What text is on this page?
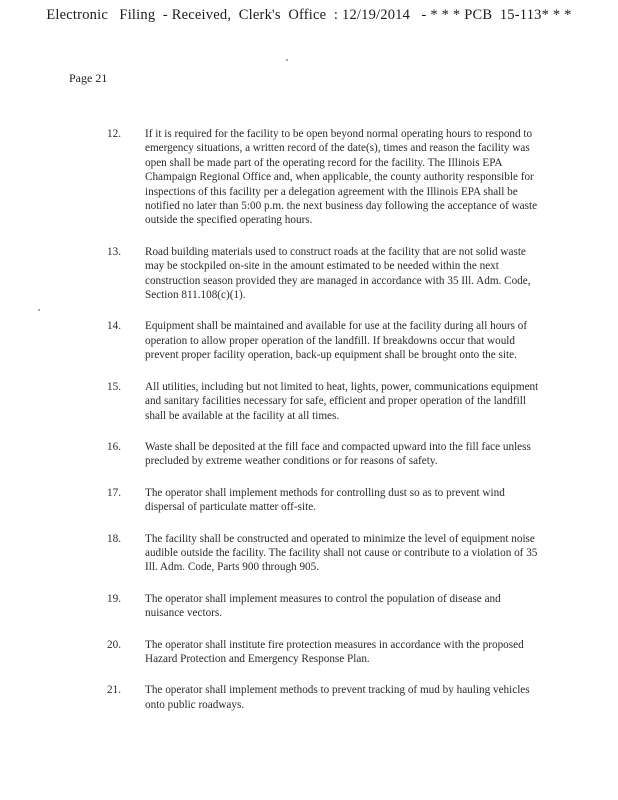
Electronic   Filing  - Received,  Clerk's  Office  : 12/19/2014   - * * * PCB  15-113* * *
Page 21
12. If it is required for the facility to be open beyond normal operating hours to respond to emergency situations, a written record of the date(s), times and reason the facility was open shall be made part of the operating record for the facility. The Illinois EPA Champaign Regional Office and, when applicable, the county authority responsible for inspections of this facility per a delegation agreement with the Illinois EPA shall be notified no later than 5:00 p.m. the next business day following the acceptance of waste outside the specified operating hours.
13. Road building materials used to construct roads at the facility that are not solid waste may be stockpiled on-site in the amount estimated to be needed within the next construction season provided they are managed in accordance with 35 Ill. Adm. Code, Section 811.108(c)(1).
14. Equipment shall be maintained and available for use at the facility during all hours of operation to allow proper operation of the landfill. If breakdowns occur that would prevent proper facility operation, back-up equipment shall be brought onto the site.
15. All utilities, including but not limited to heat, lights, power, communications equipment and sanitary facilities necessary for safe, efficient and proper operation of the landfill shall be available at the facility at all times.
16. Waste shall be deposited at the fill face and compacted upward into the fill face unless precluded by extreme weather conditions or for reasons of safety.
17. The operator shall implement methods for controlling dust so as to prevent wind dispersal of particulate matter off-site.
18. The facility shall be constructed and operated to minimize the level of equipment noise audible outside the facility. The facility shall not cause or contribute to a violation of 35 Ill. Adm. Code, Parts 900 through 905.
19. The operator shall implement measures to control the population of disease and nuisance vectors.
20. The operator shall institute fire protection measures in accordance with the proposed Hazard Protection and Emergency Response Plan.
21. The operator shall implement methods to prevent tracking of mud by hauling vehicles onto public roadways.
